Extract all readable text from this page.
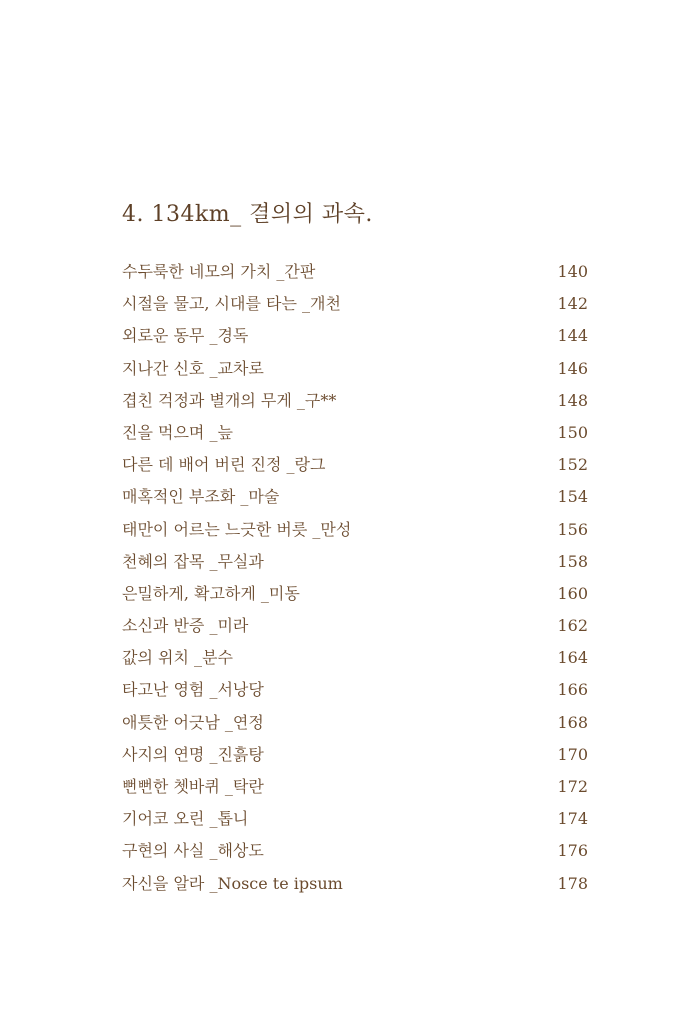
4. 134km_ 결의의 과속.
수두룩한 네모의 가치 _간판	140
시절을 물고, 시대를 타는 _개천	142
외로운 동무 _경독	144
지나간 신호 _교차로	146
겹친 걱정과 별개의 무게 _구**	148
진을 먹으며 _늪	150
다른 데 배어 버린 진정 _랑그	152
매혹적인 부조화 _마술	154
태만이 어르는 느긋한 버릇 _만성	156
천혜의 잡목 _무실과	158
은밀하게, 확고하게 _미동	160
소신과 반증 _미라	162
값의 위치 _분수	164
타고난 영험 _서낭당	166
애틋한 어긋남 _연정	168
사지의 연명 _진흙탕	170
뻔뻔한 쳇바퀴 _탁란	172
기어코 오린 _톱니	174
구현의 사실 _해상도	176
자신을 알라 _Nosce te ipsum	178
